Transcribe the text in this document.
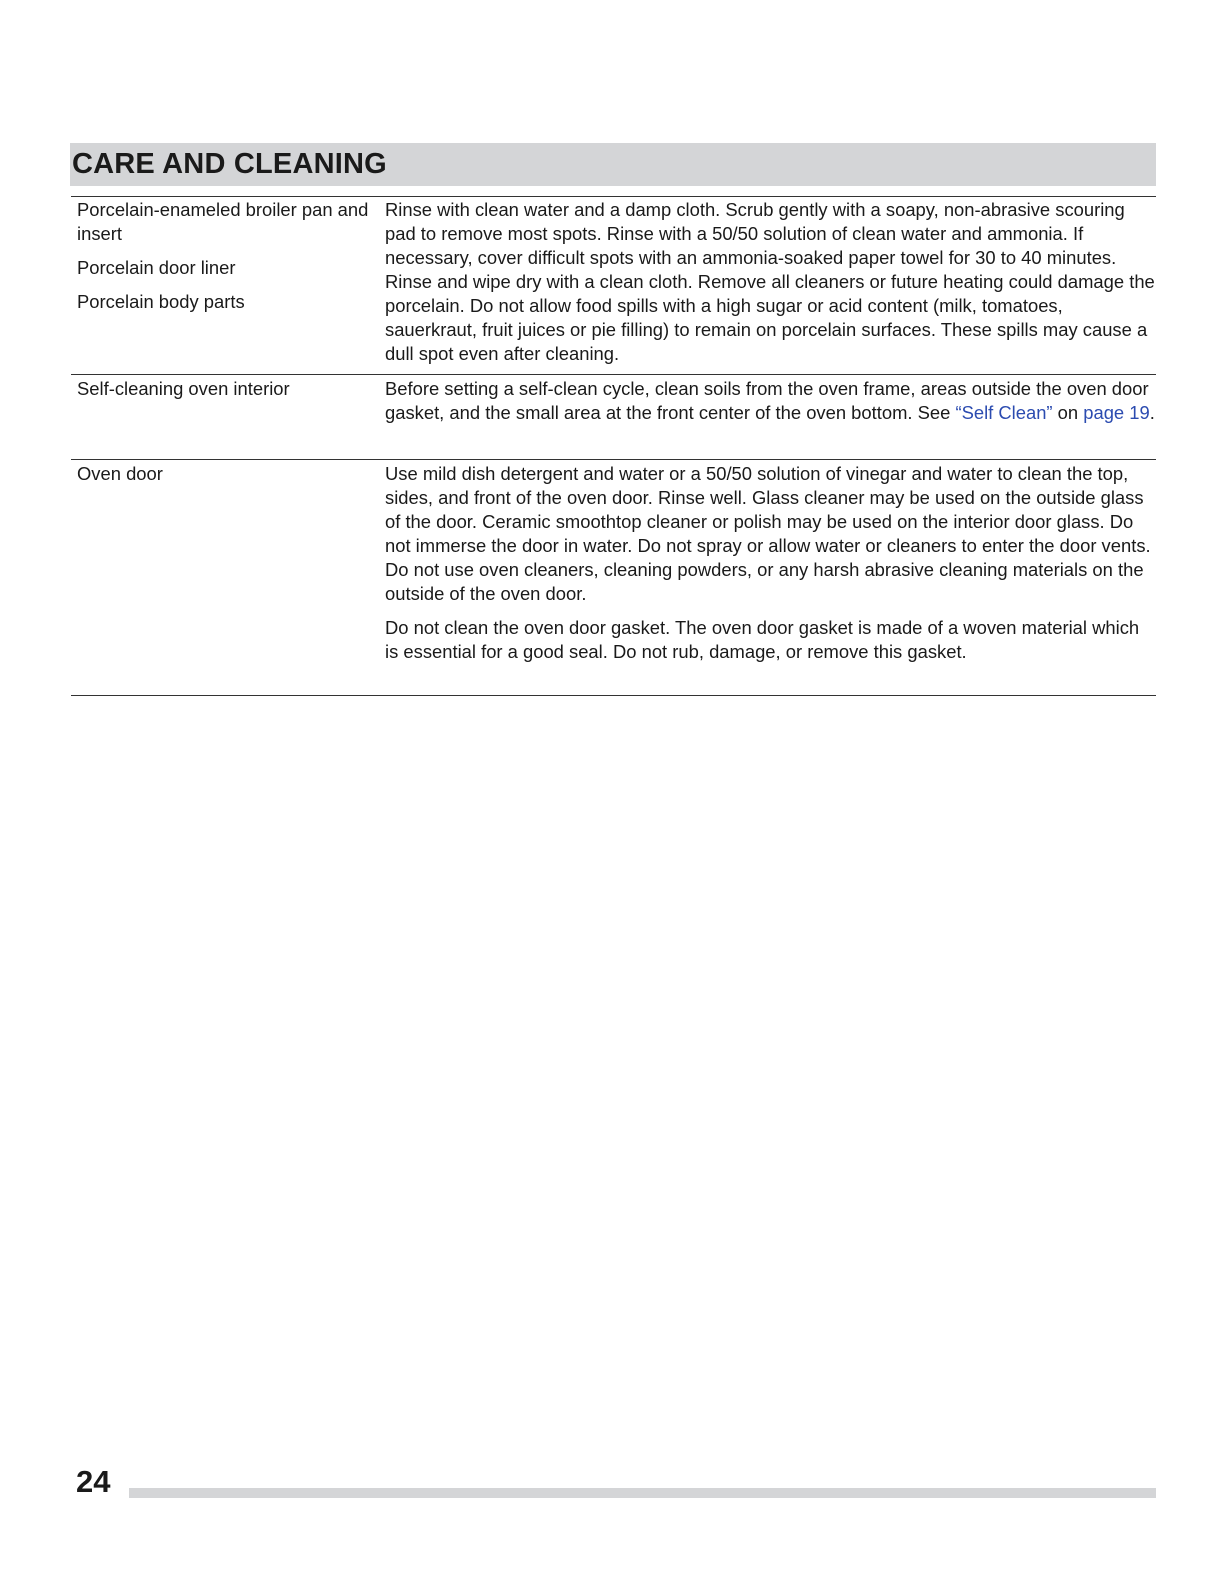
CARE AND CLEANING

Porcelain-enameled broiler pan and insert

Porcelain door liner

Porcelain body parts

Rinse with clean water and a damp cloth. Scrub gently with a soapy, non-abrasive scouring pad to remove most spots. Rinse with a 50/50 solution of clean water and ammonia. If necessary, cover difficult spots with an ammonia-soaked paper towel for 30 to 40 minutes. Rinse and wipe dry with a clean cloth. Remove all cleaners or future heating could damage the porcelain. Do not allow food spills with a high sugar or acid content (milk, tomatoes, sauerkraut, fruit juices or pie filling) to remain on porcelain surfaces. These spills may cause a dull spot even after cleaning.

Self-cleaning oven interior	Before setting a self-clean cycle, clean soils from the oven frame, areas outside the oven door gasket, and the small area at the front center of the oven bottom. See “Self Clean” on page 19.

Oven door	Use mild dish detergent and water or a 50/50 solution of vinegar and water to clean the top, sides, and front of the oven door. Rinse well. Glass cleaner may be used on the outside glass of the door. Ceramic smoothtop cleaner or polish may be used on the interior door glass. Do not immerse the door in water. Do not spray or allow water or cleaners to enter the door vents. Do not use oven cleaners, cleaning powders, or any harsh abrasive cleaning materials on the outside of the oven door.

Do not clean the oven door gasket. The oven door gasket is made of a woven material which is essential for a good seal. Do not rub, damage, or remove this gasket.

24
